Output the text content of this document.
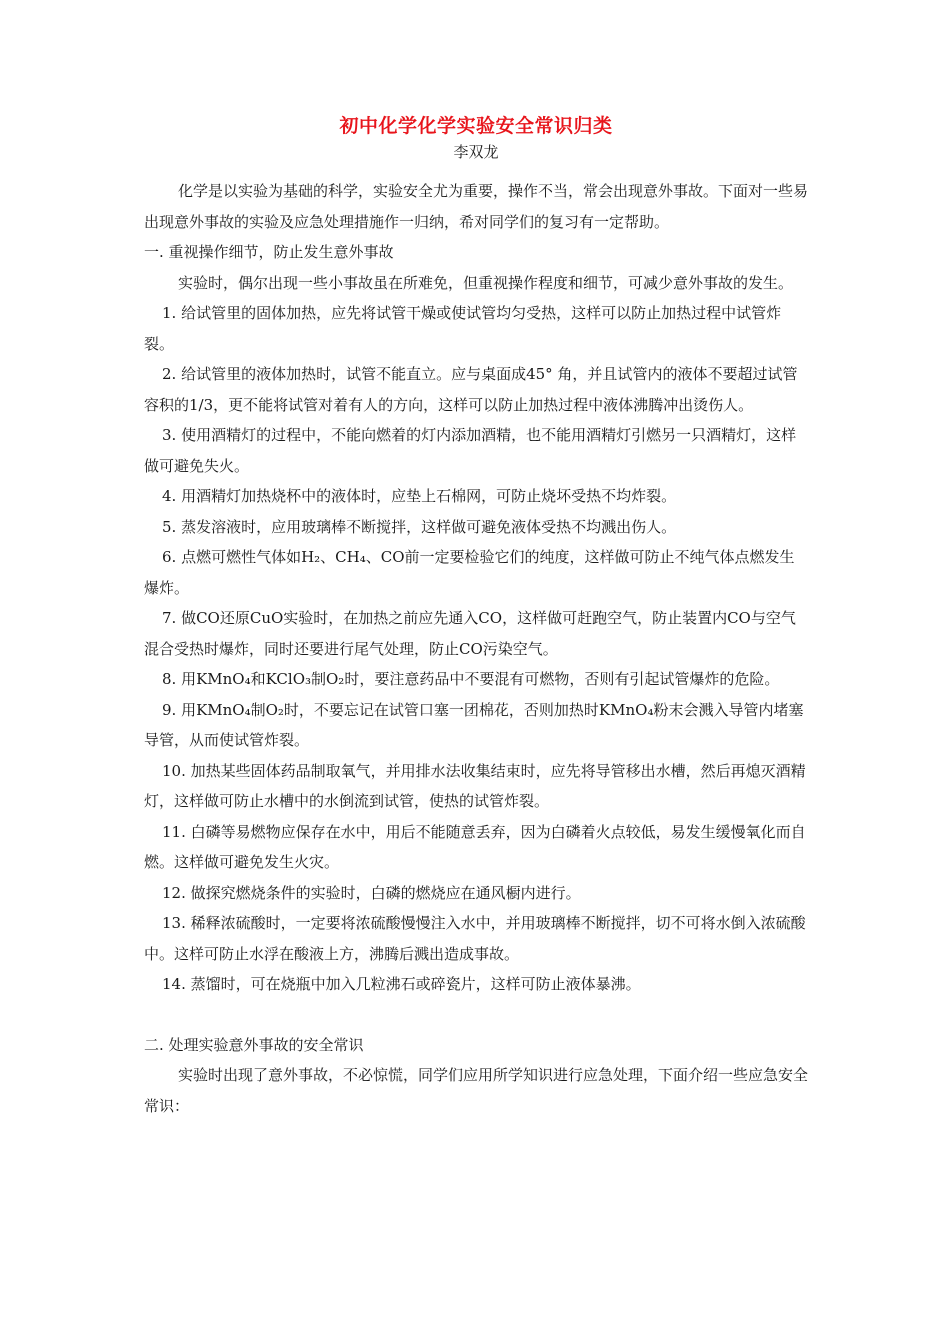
初中化学化学实验安全常识归类

李双龙

化学是以实验为基础的科学，实验安全尤为重要，操作不当，常会出现意外事故。下面对一些易出现意外事故的实验及应急处理措施作一归纳，希对同学们的复习有一定帮助。

一. 重视操作细节，防止发生意外事故

实验时，偶尔出现一些小事故虽在所难免，但重视操作程度和细节，可减少意外事故的发生。

1. 给试管里的固体加热，应先将试管干燥或使试管均匀受热，这样可以防止加热过程中试管炸裂。

2. 给试管里的液体加热时，试管不能直立。应与桌面成45° 角，并且试管内的液体不要超过试管容积的1/3，更不能将试管对着有人的方向，这样可以防止加热过程中液体沸腾冲出烫伤人。

3. 使用酒精灯的过程中，不能向燃着的灯内添加酒精，也不能用酒精灯引燃另一只酒精灯，这样做可避免失火。

4. 用酒精灯加热烧杯中的液体时，应垫上石棉网，可防止烧坏受热不均炸裂。

5. 蒸发溶液时，应用玻璃棒不断搅拌，这样做可避免液体受热不均溅出伤人。

6. 点燃可燃性气体如H₂、CH₄、CO前一定要检验它们的纯度，这样做可防止不纯气体点燃发生爆炸。

7. 做CO还原CuO实验时，在加热之前应先通入CO，这样做可赶跑空气，防止装置内CO与空气混合受热时爆炸，同时还要进行尾气处理，防止CO污染空气。

8. 用KMnO₄和KClO₃制O₂时，要注意药品中不要混有可燃物，否则有引起试管爆炸的危险。

9. 用KMnO₄制O₂时，不要忘记在试管口塞一团棉花，否则加热时KMnO₄粉末会溅入导管内堵塞导管，从而使试管炸裂。

10. 加热某些固体药品制取氧气，并用排水法收集结束时，应先将导管移出水槽，然后再熄灭酒精灯，这样做可防止水槽中的水倒流到试管，使热的试管炸裂。

11. 白磷等易燃物应保存在水中，用后不能随意丢弃，因为白磷着火点较低，易发生缓慢氧化而自燃。这样做可避免发生火灾。

12. 做探究燃烧条件的实验时，白磷的燃烧应在通风橱内进行。

13. 稀释浓硫酸时，一定要将浓硫酸慢慢注入水中，并用玻璃棒不断搅拌，切不可将水倒入浓硫酸中。这样可防止水浮在酸液上方，沸腾后溅出造成事故。

14. 蒸馏时，可在烧瓶中加入几粒沸石或碎瓷片，这样可防止液体暴沸。

二. 处理实验意外事故的安全常识

实验时出现了意外事故，不必惊慌，同学们应用所学知识进行应急处理，下面介绍一些应急安全常识：
